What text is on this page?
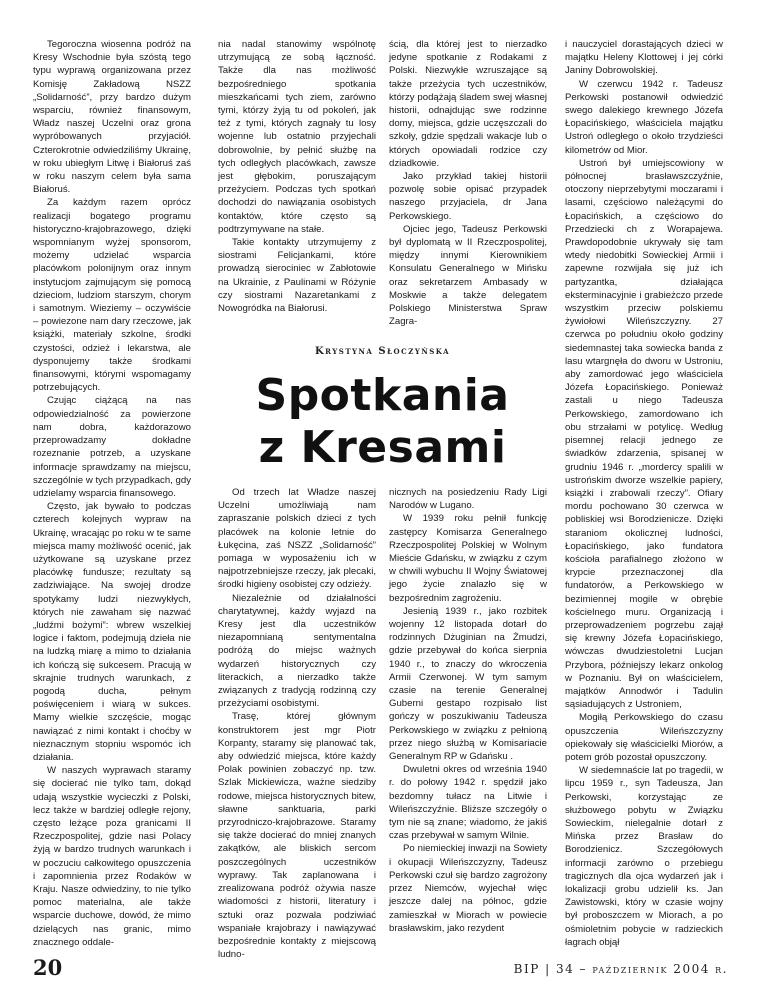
Tegoroczna wiosenna podróż na Kresy Wschodnie była szóstą tego typu wyprawą organizowana przez Komisję Zakładową NSZZ „Solidarność”, przy bardzo dużym wsparciu, również finansowym, Władz naszej Uczelni oraz grona wypróbowanych przyjaciół. Czterokrotnie odwiedziliśmy Ukrainę, w roku ubiegłym Litwę i Białoruś zaś w roku naszym celem była sama Białoruś.

Za każdym razem oprócz realizacji bogatego programu historyczno-krajobrazowego, dzięki wspomnianym wyżej sponsorom, możemy udzielać wsparcia placówkom polonijnym oraz innym instytucjom zajmującym się pomocą dzieciom, ludziom starszym, chorym i samotnym. Wieziemy – oczywiście – powiezone nam dary rzeczowe, jak książki, materiały szkolne, środki czystości, odzież i lekarstwa, ale dysponujemy także środkami finansowymi, którymi wspomagamy potrzebujących.

Czując ciążącą na nas odpowiedzialność za powierzone nam dobra, każdorazowo przeprowadzamy dokładne rozeznanie potrzeb, a uzyskane informacje sprawdzamy na miejscu, szczególnie w tych przypadkach, gdy udzielamy wsparcia finansowego.

Często, jak bywało to podczas czterech kolejnych wypraw na Ukrainę, wracając po roku w te same miejsca mamy możliwość ocenić, jak użytkowane są uzyskane przez placówkę fundusze; rezultaty są zadziwiające. Na swojej drodze spotykamy ludzi niezwykłych, których nie zawaham się nazwać „ludźmi bożymi”: wbrew wszelkiej logice i faktom, podejmują dzieła nie na ludzką miarę a mimo to działania ich kończą się sukcesem. Pracują w skrajnie trudnych warunkach, z pogodą ducha, pełnym poświęceniem i wiarą w sukces. Mamy wielkie szczęście, mogąc nawiązać z nimi kontakt i choćby w nieznacznym stopniu wspomóc ich działania.

W naszych wyprawach staramy się docierać nie tylko tam, dokąd udają wszystkie wycieczki z Polski, lecz także w bardziej odległe rejony, często leżące poza granicami II Rzeczpospolitej, gdzie nasi Polacy żyją w bardzo trudnych warunkach i w poczuciu całkowitego opuszczenia i zapomnienia przez Rodaków w Kraju. Nasze odwiedziny, to nie tylko pomoc materialna, ale także wsparcie duchowe, dowód, że mimo dzielących nas granic, mimo znacznego oddale-

nia nadal stanowimy wspólnotę utrzymującą ze sobą łączność. Także dla nas możliwość bezpośredniego spotkania mieszkańcami tych ziem, zarówno tymi, którzy żyją tu od pokoleń, jak też z tymi, których zagnały tu losy wojenne lub ostatnio przyjechali dobrowolnie, by pełnić służbę na tych odległych placówkach, zawsze jest głębokim, poruszającym przeżyciem. Podczas tych spotkań dochodzi do nawiązania osobistych kontaktów, które często są podtrzymywane na stałe.

Takie kontakty utrzymujemy z siostrami Felicjankami, które prowadzą sierociniec w Zabłotowie na Ukrainie, z Paulinami w Różynie czy siostrami Nazaretankami z Nowogródka na Białorusi.

ścią, dla której jest to nierzadko jedyne spotkanie z Rodakami z Polski. Niezwykłe wzruszające są także przeżycia tych uczestników, którzy podążają śladem swej własnej historii, odnajdując swe rodzinne domy, miejsca, gdzie uczęszczali do szkoły, gdzie spędzali wakacje lub o których opowiadali rodzice czy dziadkowie.

Jako przykład takiej historii pozwolę sobie opisać przypadek naszego przyjaciela, dr Jana Perkowskiego.

Ojciec jego, Tadeusz Perkowski był dyplomatą w II Rzeczpospolitej, między innymi Kierownikiem Konsulatu Generalnego w Mińsku oraz sekretarzem Ambasady w Moskwie a także delegatem Polskiego Ministerstwa Spraw Zagra-

i nauczyciel dorastających dzieci w majątku Heleny Klottowej i jej córki Janiny Dobrowolskiej.

W czerwcu 1942 r. Tadeusz Perkowski postanowił odwiedzić swego dalekiego krewnego Józefa Łopacińskiego, właściciela majątku Ustroń odległego o około trzydzieści kilometrów od Mior.

Ustroń był umiejscowiony w północnej brasławszczyźnie, otoczony nieprzebytymi moczarami i lasami, częściowo należącymi do Łopacińskich, a częściowo do Przedziecki ch z Worapajewa. Prawdopodobnie ukrywały się tam wtedy niedobitki Sowieckiej Armii i zapewne rozwijała się już ich partyzantka, działająca eksterminacyjnie i grabieżczo przede wszystkim przeciw polskiemu żywiołowi Wileńszczyzny. 27 czerwca po południu około godziny siedemnastej taka sowiecka banda z lasu wtargnęła do dworu w Ustroniu, aby zamordować jego właściciela Józefa Łopacińskiego. Ponieważ zastali u niego Tadeusza Perkowskiego, zamordowano ich obu strzałami w potylicę. Według pisemnej relacji jednego ze świadków zdarzenia, spisanej w grudniu 1946 r. „mordercy spalili w ustrońskim dworze wszelkie papiery, książki i zrabowali rzeczy”. Ofiary mordu pochowano 30 czerwca w pobliskiej wsi Borodzienicze. Dzięki staraniom okolicznej ludności, Łopacińskiego, jako fundatora kościoła parafialnego złożono w krypcie przeznaczonej dla fundatorów, a Perkowskiego w bezimiennej mogile w obrębie kościelnego muru. Organizacją i przeprowadzeniem pogrzebu zajął się krewny Józefa Łopacińskiego, wówczas dwudziestoletni Lucjan Przybora, późniejszy lekarz onkolog w Poznaniu. Był on właścicielem, majątków Annodwór i Tadulin sąsiadujących z Ustroniem,

Mogiłą Perkowskiego do czasu opuszczenia Wileńszczyzny opiekowały się właścicielki Miorów, a potem grób pozostał opuszczony.

W siedemnaście lat po tragedii, w lipcu 1959 r., syn Tadeusza, Jan Perkowski, korzystając ze służbowego pobytu w Związku Sowieckim, nielegalnie dotarł z Mińska przez Brasław do Borodzienicz. Szczegółowych informacji zarówno o przebiegu tragicznych dla ojca wydarzeń jak i lokalizacji grobu udzielił ks. Jan Zawistowski, który w czasie wojny był proboszczem w Miorach, a po ośmioletnim pobycie w radzieckich łagrach objął

Krystyna Słoczyńska
Spotkania
z Kresami

Od trzech lat Władze naszej Uczelni umożliwiają nam zapraszanie polskich dzieci z tych placówek na kolonie letnie do Łukęcina, zaś NSZZ „Solidarność” pomaga w wyposażeniu ich w najpotrzebniejsze rzeczy, jak plecaki, środki higieny osobistej czy odzieży.

Niezależnie od działalności charytatywnej, każdy wyjazd na Kresy jest dla uczestników niezapomnianą sentymentalna podróżą do miejsc ważnych wydarzeń historycznych czy literackich, a nierzadko także związanych z tradycją rodzinną czy przeżyciami osobistymi.

Trasę, której głównym konstruktorem jest mgr Piotr Korpanty, staramy się planować tak, aby odwiedzić miejsca, które każdy Polak powinien zobaczyć np. tzw. Szlak Mickiewicza, ważne siedziby rodowe, miejsca historycznych bitew, sławne sanktuaria, parki przyrodniczo-krajobrazowe. Staramy się także docierać do mniej znanych zakątków, ale bliskich sercom poszczególnych uczestników wyprawy. Tak zaplanowana i zrealizowana podróż ożywia nasze wiadomości z historii, literatury i sztuki oraz pozwala podziwiać wspaniałe krajobrazy i nawiązywać bezpośrednie kontakty z miejscową ludno-

nicznych na posiedzeniu Rady Ligi Narodów w Lugano.

W 1939 roku pełnił funkcję zastępcy Komisarza Generalnego Rzeczpospolitej Polskiej w Wolnym Mieście Gdańsku, w związku z czym w chwili wybuchu II Wojny Światowej jego życie znalazło się w bezpośrednim zagrożeniu.

Jesienią 1939 r., jako rozbitek wojenny 12 listopada dotarł do rodzinnych Dżuginian na Żmudzi, gdzie przebywał do końca sierpnia 1940 r., to znaczy do wkroczenia Armii Czerwonej. W tym samym czasie na terenie Generalnej Guberni gestapo rozpisało list gończy w poszukiwaniu Tadeusza Perkowskiego w związku z pełnioną przez niego służbą w Komisariacie Generalnym RP w Gdańsku .

Dwuletni okres od września 1940 r. do połowy 1942 r. spędził jako bezdomny tułacz na Litwie i Wileńszczyźnie. Bliższe szczegóły o tym nie są znane; wiadomo, że jakiś czas przebywał w samym Wilnie.

Po niemieckiej inwazji na Sowiety i okupacji Wileńszczyzny, Tadeusz Perkowski czuł się bardzo zagrożony przez Niemców, wyjechał więc jeszcze dalej na północ, gdzie zamieszkał w Miorach w powiecie brasławskim, jako rezydent

20	BIP | 34 – październik 2004 r.
